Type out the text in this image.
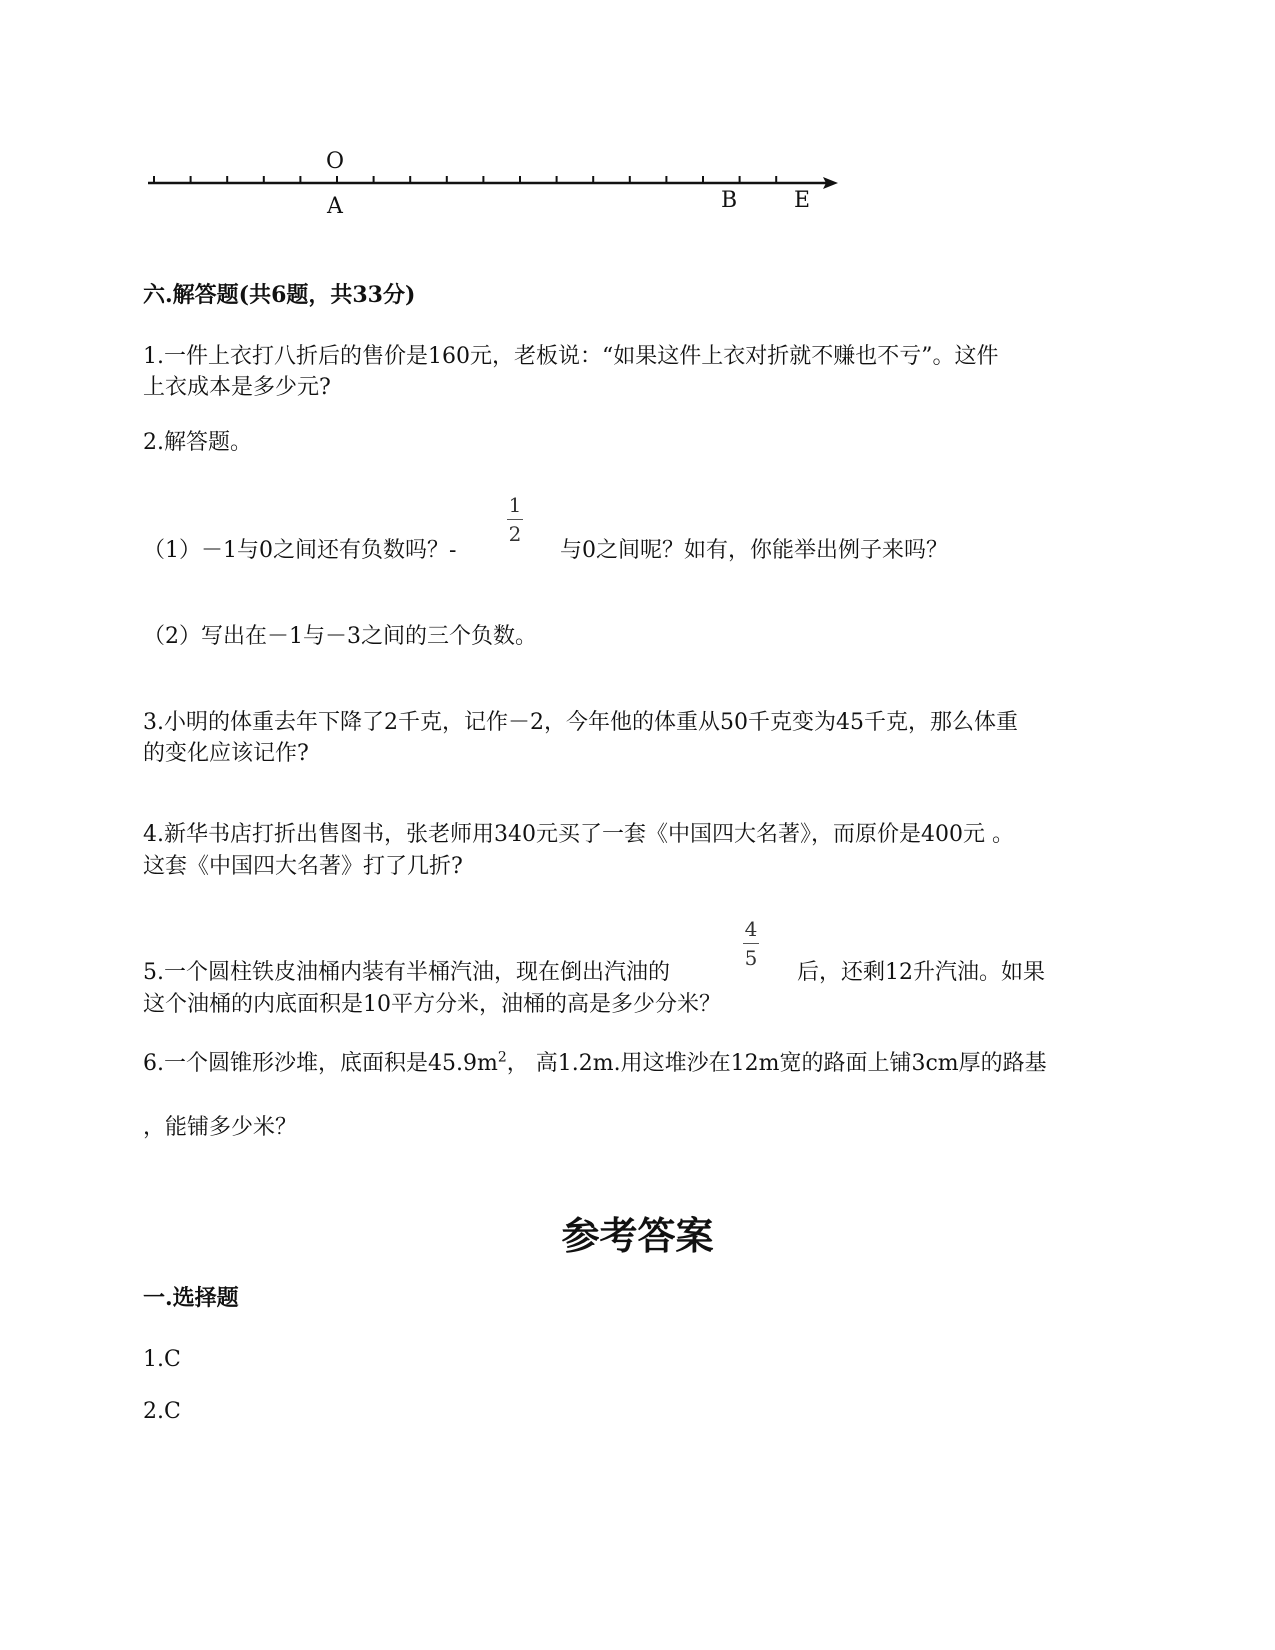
O
A	B	E
六.解答题(共6题，共33分)
1.一件上衣打八折后的售价是160元，老板说：“如果这件上衣对折就不赚也不亏”。这件
上衣成本是多少元?
2.解答题。
（1）－1与0之间还有负数吗？-
1
2
与0之间呢？如有，你能举出例子来吗？
（2）写出在－1与－3之间的三个负数。
3.小明的体重去年下降了2千克，记作－2，今年他的体重从50千克变为45千克，那么体重
的变化应该记作?
4.新华书店打折出售图书，张老师用340元买了一套《中国四大名著》，而原价是400元 。
这套《中国四大名著》打了几折?
5.一个圆柱铁皮油桶内装有半桶汽油，现在倒出汽油的
4
5
后，还剩12升汽油。如果
这个油桶的内底面积是10平方分米，油桶的高是多少分米？
6.一个圆锥形沙堆，底面积是$45.9m^2$， 高1.2m.用这堆沙在12m宽的路面上铺3cm厚的路基
，能铺多少米？
参考答案
一.选择题
1.C
2.C
